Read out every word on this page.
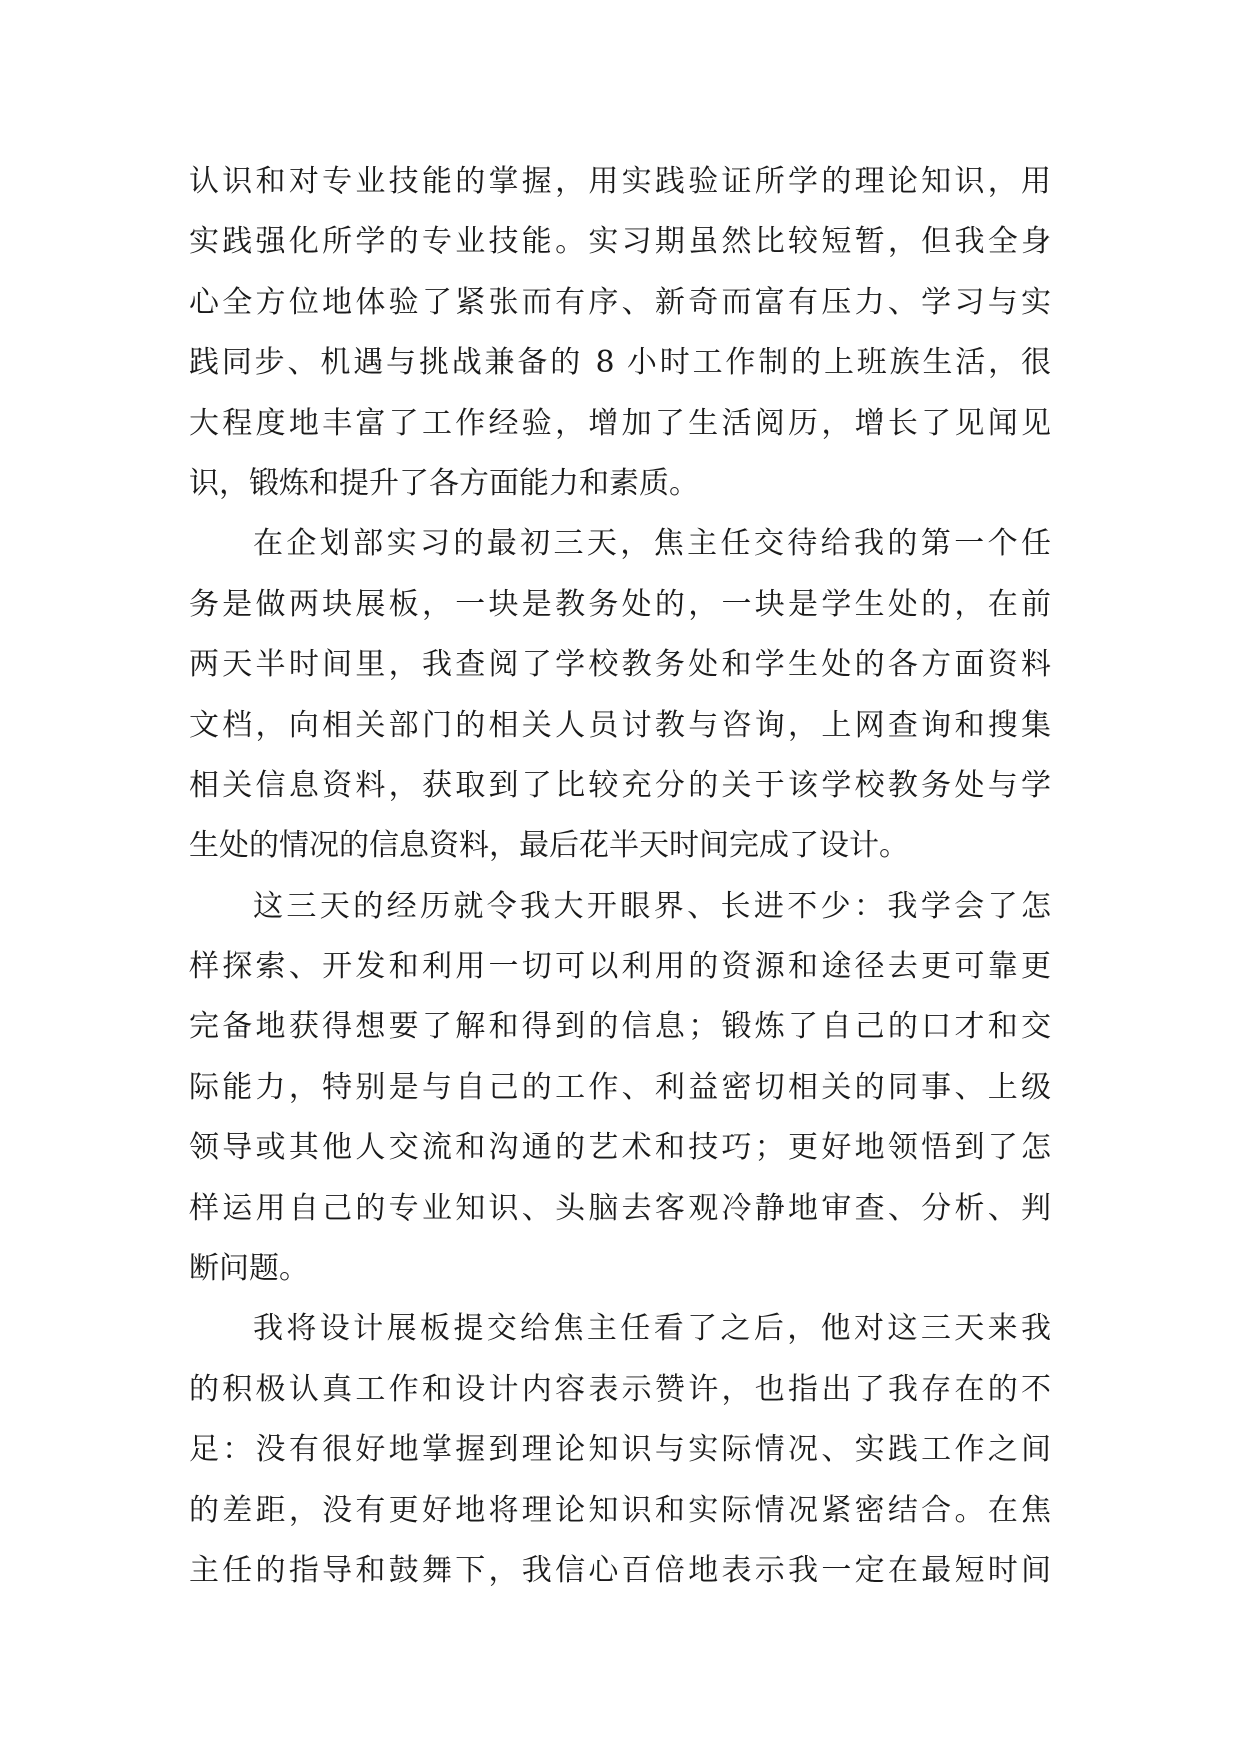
认识和对专业技能的掌握，用实践验证所学的理论知识，用
实践强化所学的专业技能。实习期虽然比较短暂，但我全身
心全方位地体验了紧张而有序、新奇而富有压力、学习与实
践同步、机遇与挑战兼备的 8 小时工作制的上班族生活，很
大程度地丰富了工作经验，增加了生活阅历，增长了见闻见
识，锻炼和提升了各方面能力和素质。
在企划部实习的最初三天，焦主任交待给我的第一个任
务是做两块展板，一块是教务处的，一块是学生处的，在前
两天半时间里，我查阅了学校教务处和学生处的各方面资料
文档，向相关部门的相关人员讨教与咨询，上网查询和搜集
相关信息资料，获取到了比较充分的关于该学校教务处与学
生处的情况的信息资料，最后花半天时间完成了设计。
这三天的经历就令我大开眼界、长进不少：我学会了怎
样探索、开发和利用一切可以利用的资源和途径去更可靠更
完备地获得想要了解和得到的信息；锻炼了自己的口才和交
际能力，特别是与自己的工作、利益密切相关的同事、上级
领导或其他人交流和沟通的艺术和技巧；更好地领悟到了怎
样运用自己的专业知识、头脑去客观冷静地审查、分析、判
断问题。
我将设计展板提交给焦主任看了之后，他对这三天来我
的积极认真工作和设计内容表示赞许，也指出了我存在的不
足：没有很好地掌握到理论知识与实际情况、实践工作之间
的差距，没有更好地将理论知识和实际情况紧密结合。在焦
主任的指导和鼓舞下，我信心百倍地表示我一定在最短时间
